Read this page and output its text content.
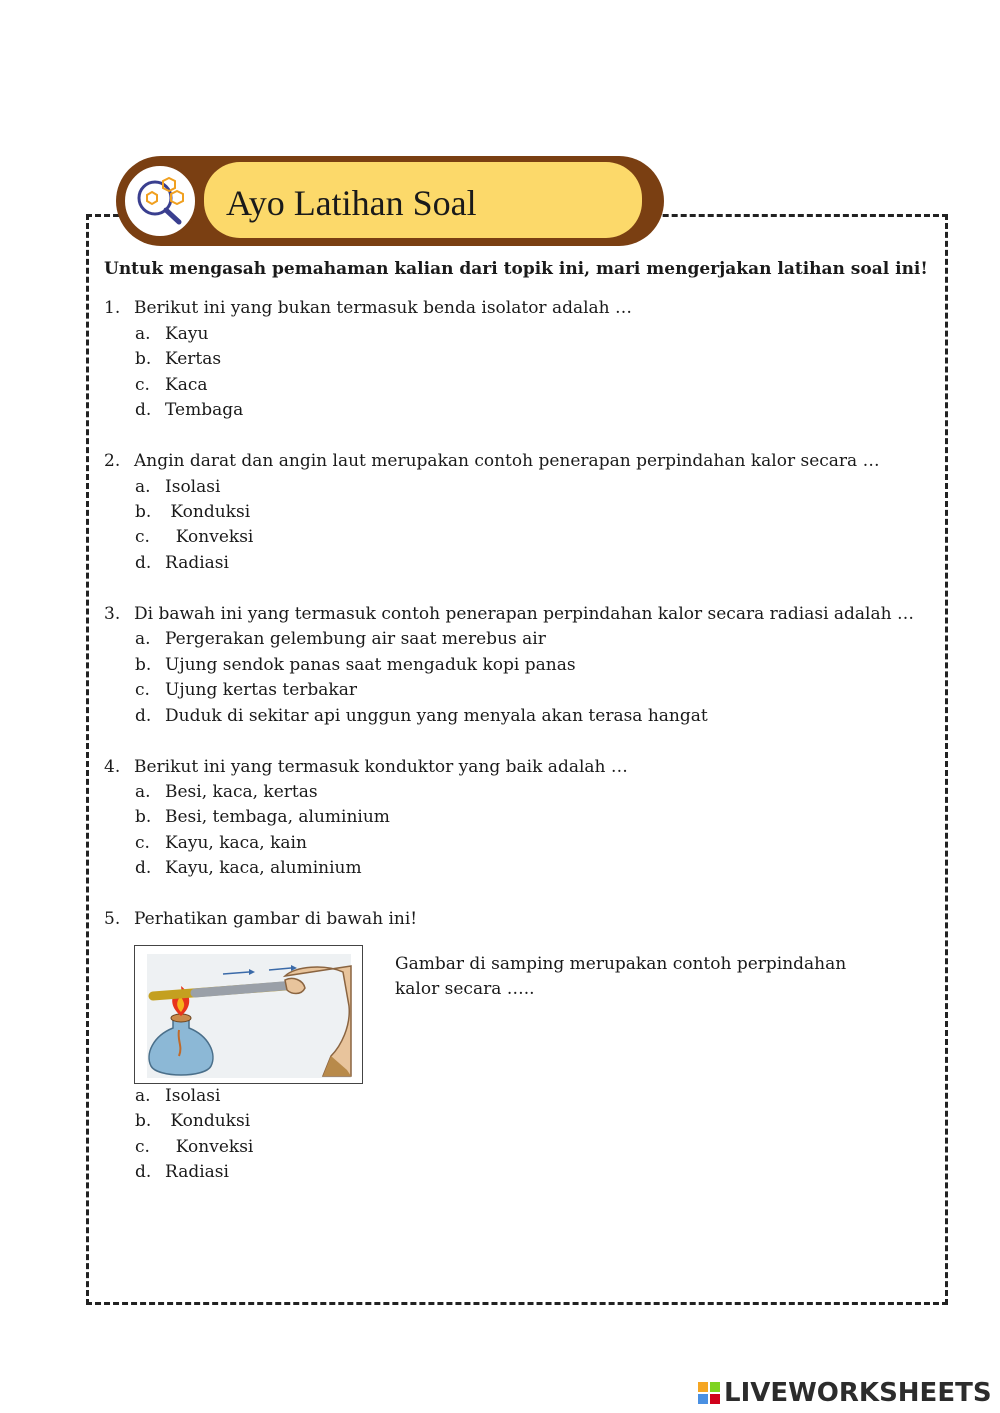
Ayo Latihan Soal
Untuk mengasah pemahaman kalian dari topik ini, mari mengerjakan latihan soal ini!
1. Berikut ini yang bukan termasuk benda isolator adalah …
a. Kayu
b. Kertas
c. Kaca
d. Tembaga
2. Angin darat dan angin laut merupakan contoh penerapan perpindahan kalor secara …
a. Isolasi
b. Konduksi
c.  Konveksi
d. Radiasi
3. Di bawah ini yang termasuk contoh penerapan perpindahan kalor secara radiasi adalah …
a. Pergerakan gelembung air saat merebus air
b. Ujung sendok panas saat mengaduk kopi panas
c. Ujung kertas terbakar
d. Duduk di sekitar api unggun yang menyala akan terasa hangat
4. Berikut ini yang termasuk konduktor yang baik adalah …
a. Besi, kaca, kertas
b. Besi, tembaga, aluminium
c. Kayu, kaca, kain
d. Kayu, kaca, aluminium
5. Perhatikan gambar di bawah ini!
Gambar di samping merupakan contoh perpindahan kalor secara …..
a. Isolasi
b. Konduksi
c.  Konveksi
d. Radiasi
LIVEWORKSHEETS
